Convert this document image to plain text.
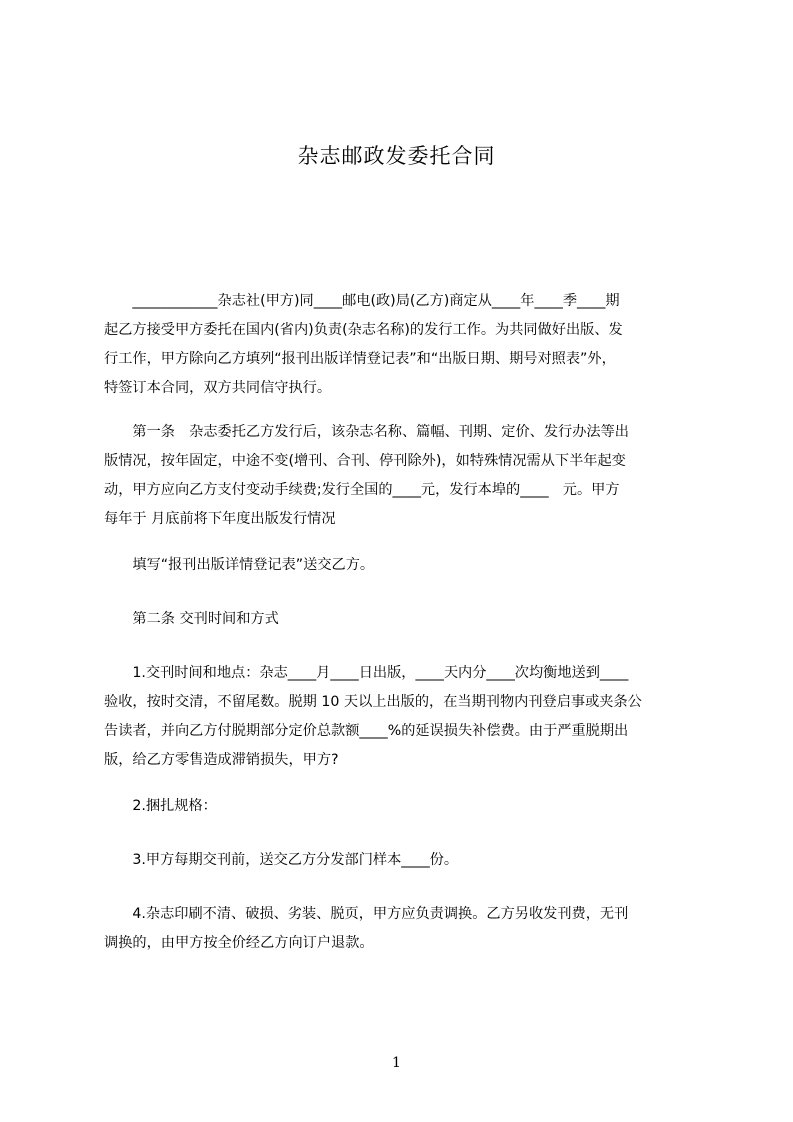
杂志邮政发委托合同
　　____________杂志社(甲方)同____邮电(政)局(乙方)商定从____年____季____期
起乙方接受甲方委托在国内(省内)负责(杂志名称)的发行工作。为共同做好出版、发
行工作，甲方除向乙方填列“报刊出版详情登记表”和“出版日期、期号对照表”外，
特签订本合同，双方共同信守执行。
　　第一条　杂志委托乙方发行后，该杂志名称、篇幅、刊期、定价、发行办法等出
版情况，按年固定，中途不变(增刊、合刊、停刊除外)，如特殊情况需从下半年起变
动，甲方应向乙方支付变动手续费;发行全国的____元，发行本埠的____　元。甲方
每年于 月底前将下年度出版发行情况
　　填写“报刊出版详情登记表”送交乙方。
　　第二条 交刊时间和方式
　　1.交刊时间和地点：杂志____月____日出版，____天内分____次均衡地送到____
验收，按时交清，不留尾数。脱期 10 天以上出版的，在当期刊物内刊登启事或夹条公
告读者，并向乙方付脱期部分定价总款额____%的延误损失补偿费。由于严重脱期出
版，给乙方零售造成滞销损失，甲方?
　　2.捆扎规格：
　　3.甲方每期交刊前，送交乙方分发部门样本____份。
　　4.杂志印刷不清、破损、劣装、脱页，甲方应负责调换。乙方另收发刊费，无刊
调换的，由甲方按全价经乙方向订户退款。
1
